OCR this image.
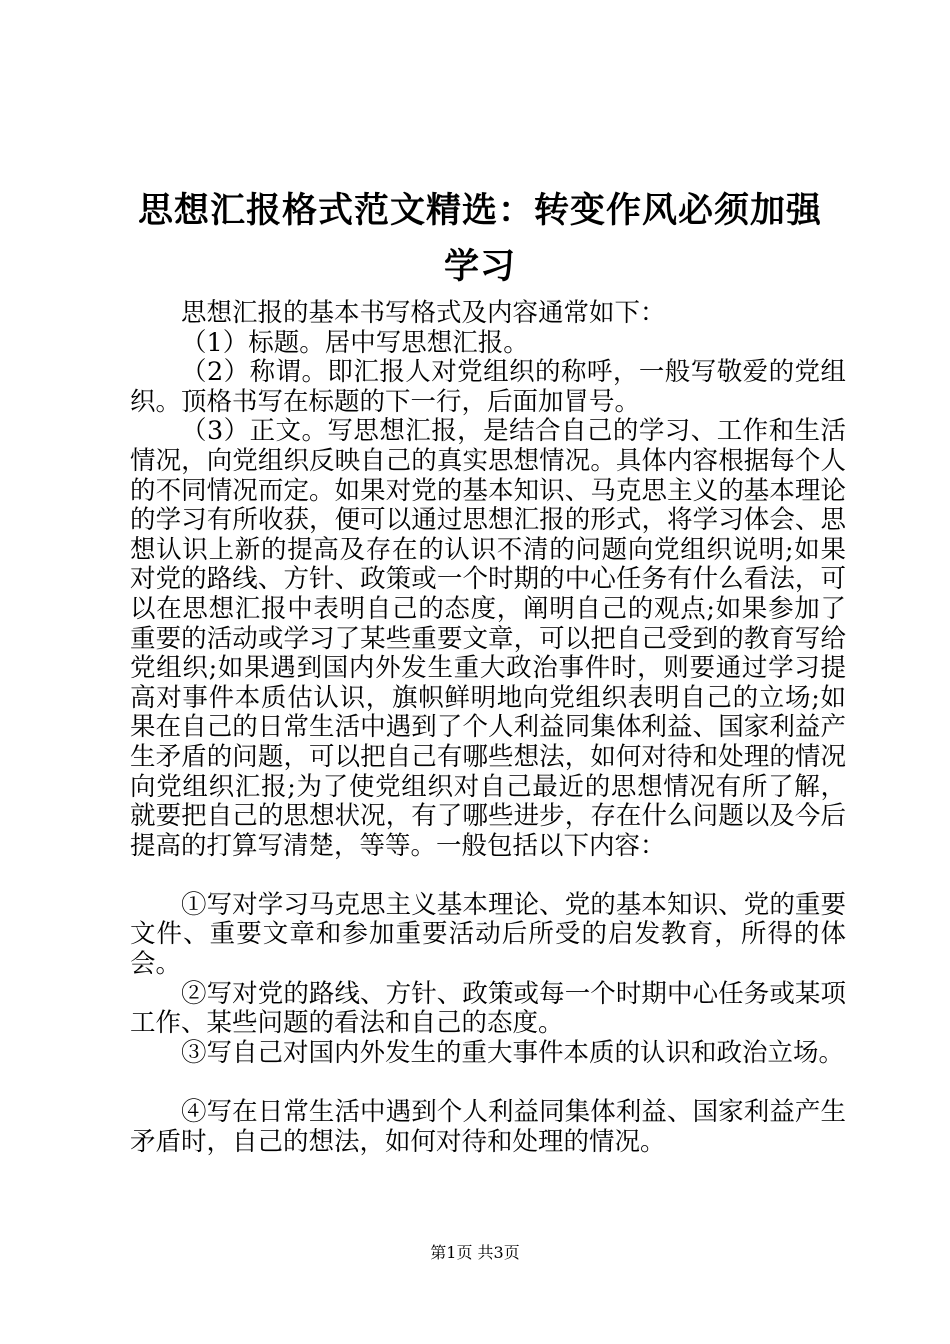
思想汇报格式范文精选：转变作风必须加强学习

思想汇报的基本书写格式及内容通常如下：

（1）标题。居中写思想汇报。

（2）称谓。即汇报人对党组织的称呼，一般写敬爱的党组织。顶格书写在标题的下一行，后面加冒号。

（3）正文。写思想汇报，是结合自己的学习、工作和生活情况，向党组织反映自己的真实思想情况。具体内容根据每个人的不同情况而定。如果对党的基本知识、马克思主义的基本理论的学习有所收获，便可以通过思想汇报的形式，将学习体会、思想认识上新的提高及存在的认识不清的问题向党组织说明;如果对党的路线、方针、政策或一个时期的中心任务有什么看法，可以在思想汇报中表明自己的态度，阐明自己的观点;如果参加了重要的活动或学习了某些重要文章，可以把自己受到的教育写给党组织;如果遇到国内外发生重大政治事件时，则要通过学习提高对事件本质估认识，旗帜鲜明地向党组织表明自己的立场;如果在自己的日常生活中遇到了个人利益同集体利益、国家利益产生矛盾的问题，可以把自己有哪些想法，如何对待和处理的情况向党组织汇报;为了使党组织对自己最近的思想情况有所了解，就要把自己的思想状况，有了哪些进步，存在什么问题以及今后提高的打算写清楚，等等。一般包括以下内容：

①写对学习马克思主义基本理论、党的基本知识、党的重要文件、重要文章和参加重要活动后所受的启发教育，所得的体会。

②写对党的路线、方针、政策或每一个时期中心任务或某项工作、某些问题的看法和自己的态度。

③写自己对国内外发生的重大事件本质的认识和政治立场。

④写在日常生活中遇到个人利益同集体利益、国家利益产生矛盾时，自己的想法，如何对待和处理的情况。

第1页 共3页
